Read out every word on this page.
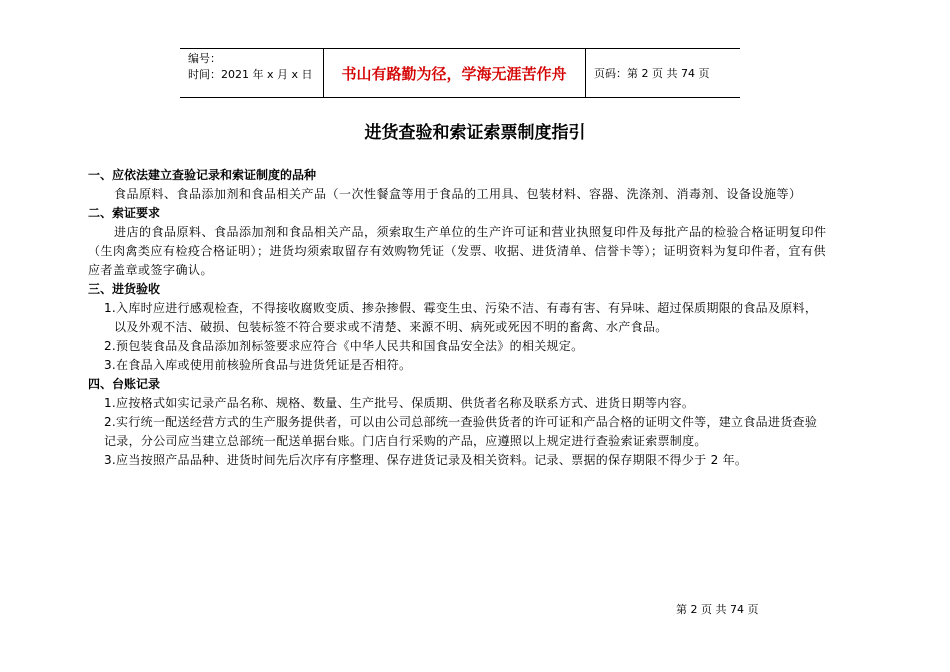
编号：
时间：2021 年 x 月 x 日	书山有路勤为径，学海无涯苦作舟	页码：第 2 页 共 74 页
进货查验和索证索票制度指引
一、应依法建立查验记录和索证制度的品种
食品原料、食品添加剂和食品相关产品（一次性餐盒等用于食品的工用具、包装材料、容器、洗涤剂、消毒剂、设备设施等）
二、索证要求
进店的食品原料、食品添加剂和食品相关产品，须索取生产单位的生产许可证和营业执照复印件及每批产品的检验合格证明复印件（生肉禽类应有检疫合格证明）；进货均须索取留存有效购物凭证（发票、收据、进货清单、信誉卡等）；证明资料为复印件者，宜有供应者盖章或签字确认。
三、进货验收
1.入库时应进行感观检查，不得接收腐败变质、掺杂掺假、霉变生虫、污染不洁、有毒有害、有异味、超过保质期限的食品及原料，以及外观不洁、破损、包装标签不符合要求或不清楚、来源不明、病死或死因不明的畜禽、水产食品。
2.预包装食品及食品添加剂标签要求应符合《中华人民共和国食品安全法》的相关规定。
3.在食品入库或使用前核验所食品与进货凭证是否相符。
四、台账记录
1.应按格式如实记录产品名称、规格、数量、生产批号、保质期、供货者名称及联系方式、进货日期等内容。
2.实行统一配送经营方式的生产服务提供者，可以由公司总部统一查验供货者的许可证和产品合格的证明文件等，建立食品进货查验记录，分公司应当建立总部统一配送单据台账。门店自行采购的产品，应遵照以上规定进行查验索证索票制度。
3.应当按照产品品种、进货时间先后次序有序整理、保存进货记录及相关资料。记录、票据的保存期限不得少于 2 年。
第 2 页 共 74 页
